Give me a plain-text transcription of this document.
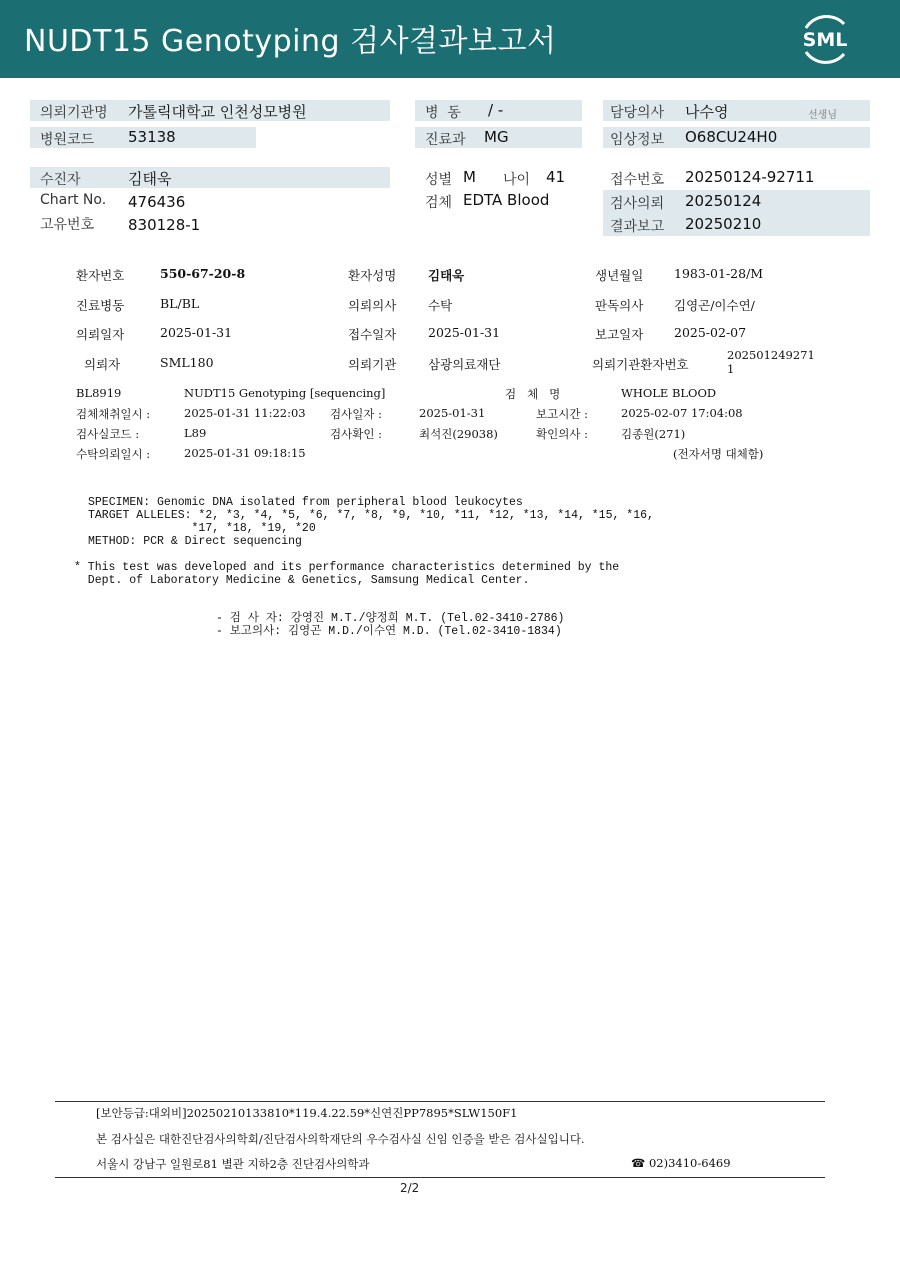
NUDT15 Genotyping 검사결과보고서	SML
의뢰기관명 가톨릭대학교 인천성모병원
병원코드 53138
병  동 / -
진료과 MG
담당의사 나수영	선생님
임상정보 O68CU24H0
수진자	김태욱
Chart No. 476436
고유번호 830128-1
성별 M 나이 41
검체 EDTA Blood
접수번호 20250124-92711
검사의뢰 20250124
결과보고 20250210
환자번호	550-67-20-8	환자성명	김태욱	생년월일 1983-01-28/M
진료병동	BL/BL	의뢰의사	수탁	판독의사 김영곤/이수연/
의뢰일자	2025-01-31	접수일자	2025-01-31	보고일자 2025-02-07
의뢰자	SML180	의뢰기관	삼광의료재단	의뢰기관환자번호
202501249271
1
BL8919	NUDT15 Genotyping [sequencing]	검   체   명	WHOLE BLOOD
검체채취일시 :	2025-01-31 11:22:03 검사일자 :	2025-01-31	보고시간 :	2025-02-07 17:04:08
검사실코드 :	L89	검사확인 :	최석진(29038)	확인의사 :	김종원(271)
수탁의뢰일시 :	2025-01-31 09:18:15	(전자서명 대체함)
SPECIMEN: Genomic DNA isolated from peripheral blood leukocytes
TARGET ALLELES: *2, *3, *4, *5, *6, *7, *8, *9, *10, *11, *12, *13, *14, *15, *16,
*17, *18, *19, *20
METHOD: PCR & Direct sequencing
* This test was developed and its performance characteristics determined by the
Dept. of Laboratory Medicine & Genetics, Samsung Medical Center.
- 검 사 자: 강영진 M.T./양정희 M.T. (Tel.02-3410-2786)
- 보고의사: 김영곤 M.D./이수연 M.D. (Tel.02-3410-1834)
[보안등급:대외비]20250210133810*119.4.22.59*신연진PP7895*SLW150F1
본 검사실은 대한진단검사의학회/진단검사의학재단의 우수검사실 신임 인증을 받은 검사실입니다.
서울시 강남구 일원로81 별관 지하2층 진단검사의학과	☎ 02)3410-6469
2/2
